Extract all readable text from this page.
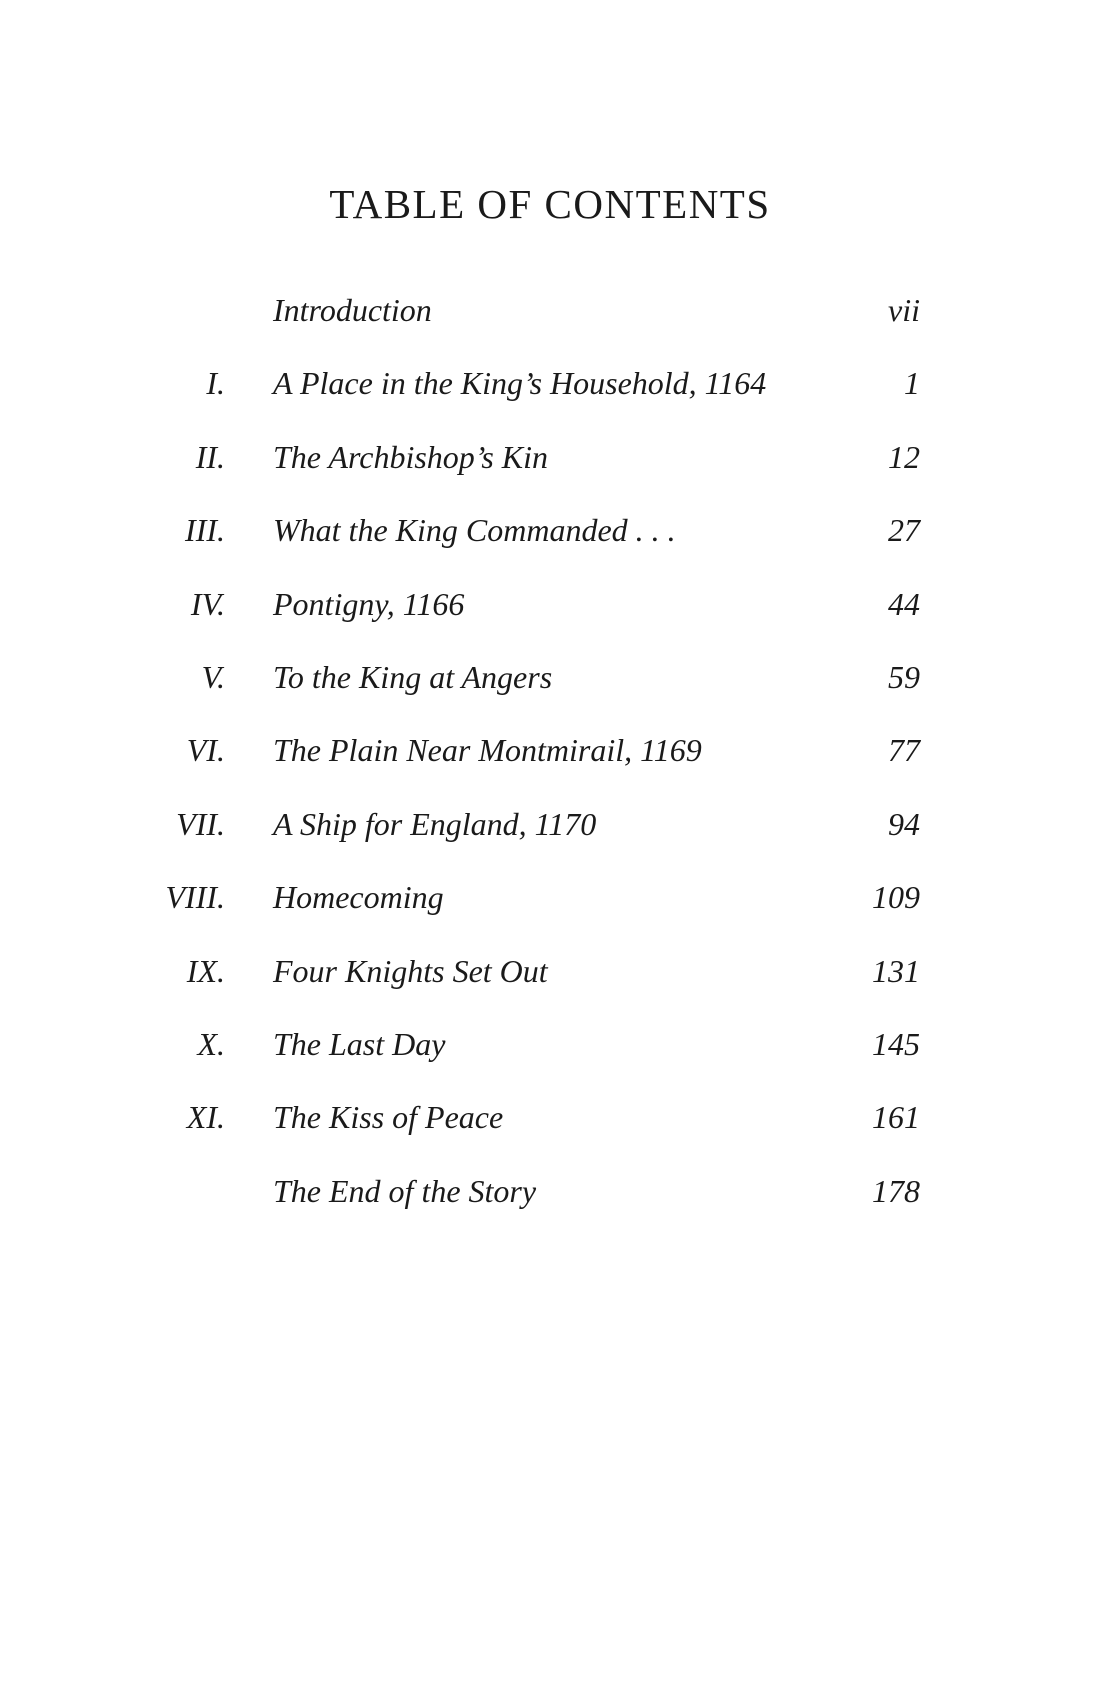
TABLE OF CONTENTS
Introduction	vii
I. A Place in the King’s Household, 1164	1
II. The Archbishop’s Kin	12
III. What the King Commanded . . .	27
IV. Pontigny, 1166	44
V. To the King at Angers	59
VI. The Plain Near Montmirail, 1169	77
VII. A Ship for England, 1170	94
VIII. Homecoming	109
IX. Four Knights Set Out	131
X. The Last Day	145
XI. The Kiss of Peace	161
The End of the Story	178
